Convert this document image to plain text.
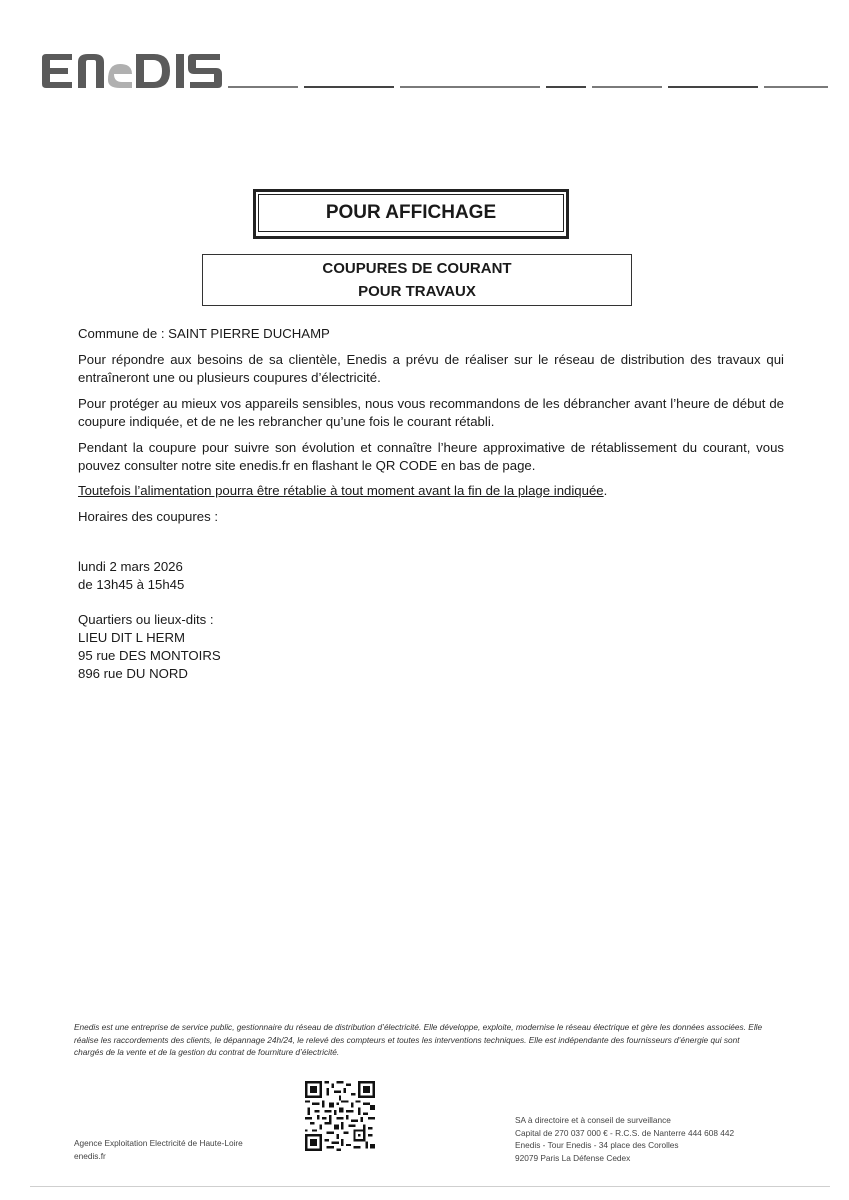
POUR AFFICHAGE
COUPURES DE COURANT
POUR TRAVAUX
Commune de : SAINT PIERRE DUCHAMP

Pour répondre aux besoins de sa clientèle, Enedis a prévu de réaliser sur le réseau de distribution des travaux qui entraîneront une ou plusieurs coupures d’électricité.

Pour protéger au mieux vos appareils sensibles, nous vous recommandons de les débrancher avant l’heure de début de coupure indiquée, et de ne les rebrancher qu’une fois le courant rétabli.

Pendant la coupure pour suivre son évolution et connaître l’heure approximative de rétablissement du courant, vous pouvez consulter notre site enedis.fr en flashant le QR CODE en bas de page.

Toutefois l’alimentation pourra être rétablie à tout moment avant la fin de la plage indiquée.
Horaires des coupures :
lundi 2 mars 2026
de 13h45 à 15h45
Quartiers ou lieux-dits :
LIEU DIT L HERM
95 rue DES MONTOIRS
896 rue DU NORD
Enedis est une entreprise de service public, gestionnaire du réseau de distribution d’électricité. Elle développe, exploite, modernise le réseau électrique et gère les données associées. Elle réalise les raccordements des clients, le dépannage 24h/24, le relevé des compteurs et toutes les interventions techniques. Elle est indépendante des fournisseurs d’énergie qui sont chargés de la vente et de la gestion du contrat de fourniture d’électricité.
Agence Exploitation Electricité de Haute-Loire
enedis.fr
SA à directoire et à conseil de surveillance
Capital de 270 037 000 € - R.C.S. de Nanterre 444 608 442
Enedis - Tour Enedis - 34 place des Corolles
92079 Paris La Défense Cedex
